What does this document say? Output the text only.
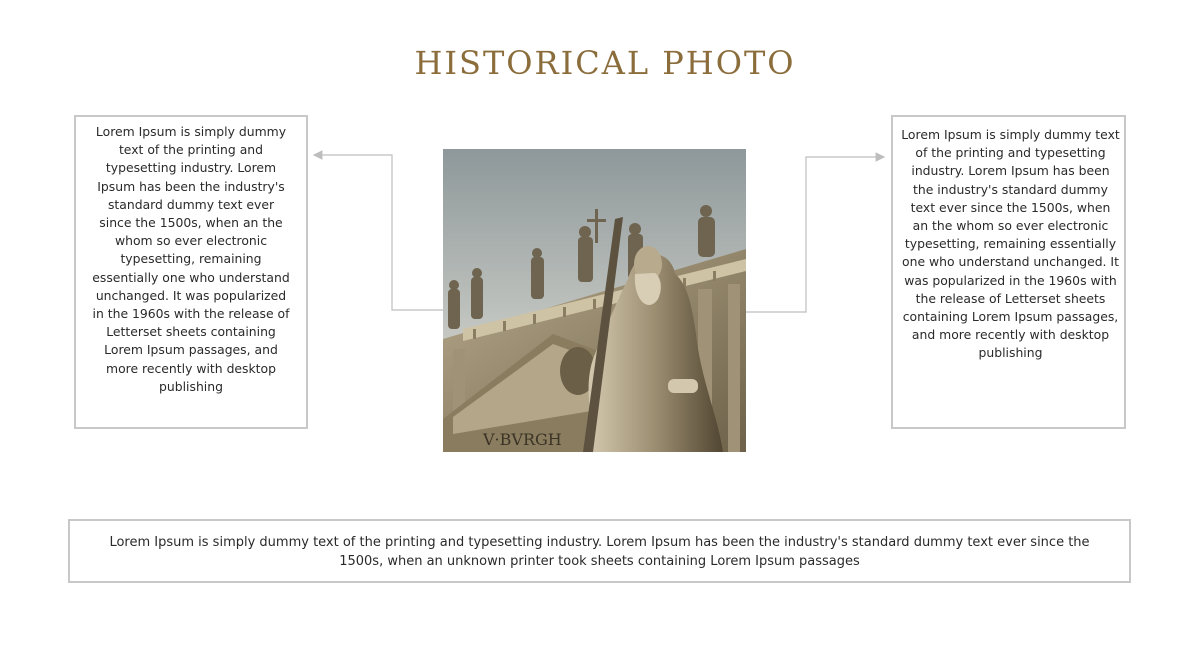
HISTORICAL PHOTO
Lorem Ipsum is simply dummy text of the printing and typesetting industry. Lorem Ipsum has been the industry's standard dummy text ever since the 1500s, when an the whom so ever electronic typesetting, remaining essentially one who understand unchanged. It was popularized in the 1960s with the release of Letterset sheets containing Lorem Ipsum passages, and more recently with desktop publishing
Lorem Ipsum is simply dummy text of the printing and typesetting industry. Lorem Ipsum has been the industry's standard dummy text ever since the 1500s, when an the whom so ever electronic typesetting, remaining essentially one who understand unchanged. It was popularized in the 1960s with the release of Letterset sheets containing Lorem Ipsum passages, and more recently with desktop publishing
Lorem Ipsum is simply dummy text of the printing and typesetting industry. Lorem Ipsum has been the industry's standard dummy text ever since the 1500s, when an unknown printer took sheets containing Lorem Ipsum passages
V·BVRGH
